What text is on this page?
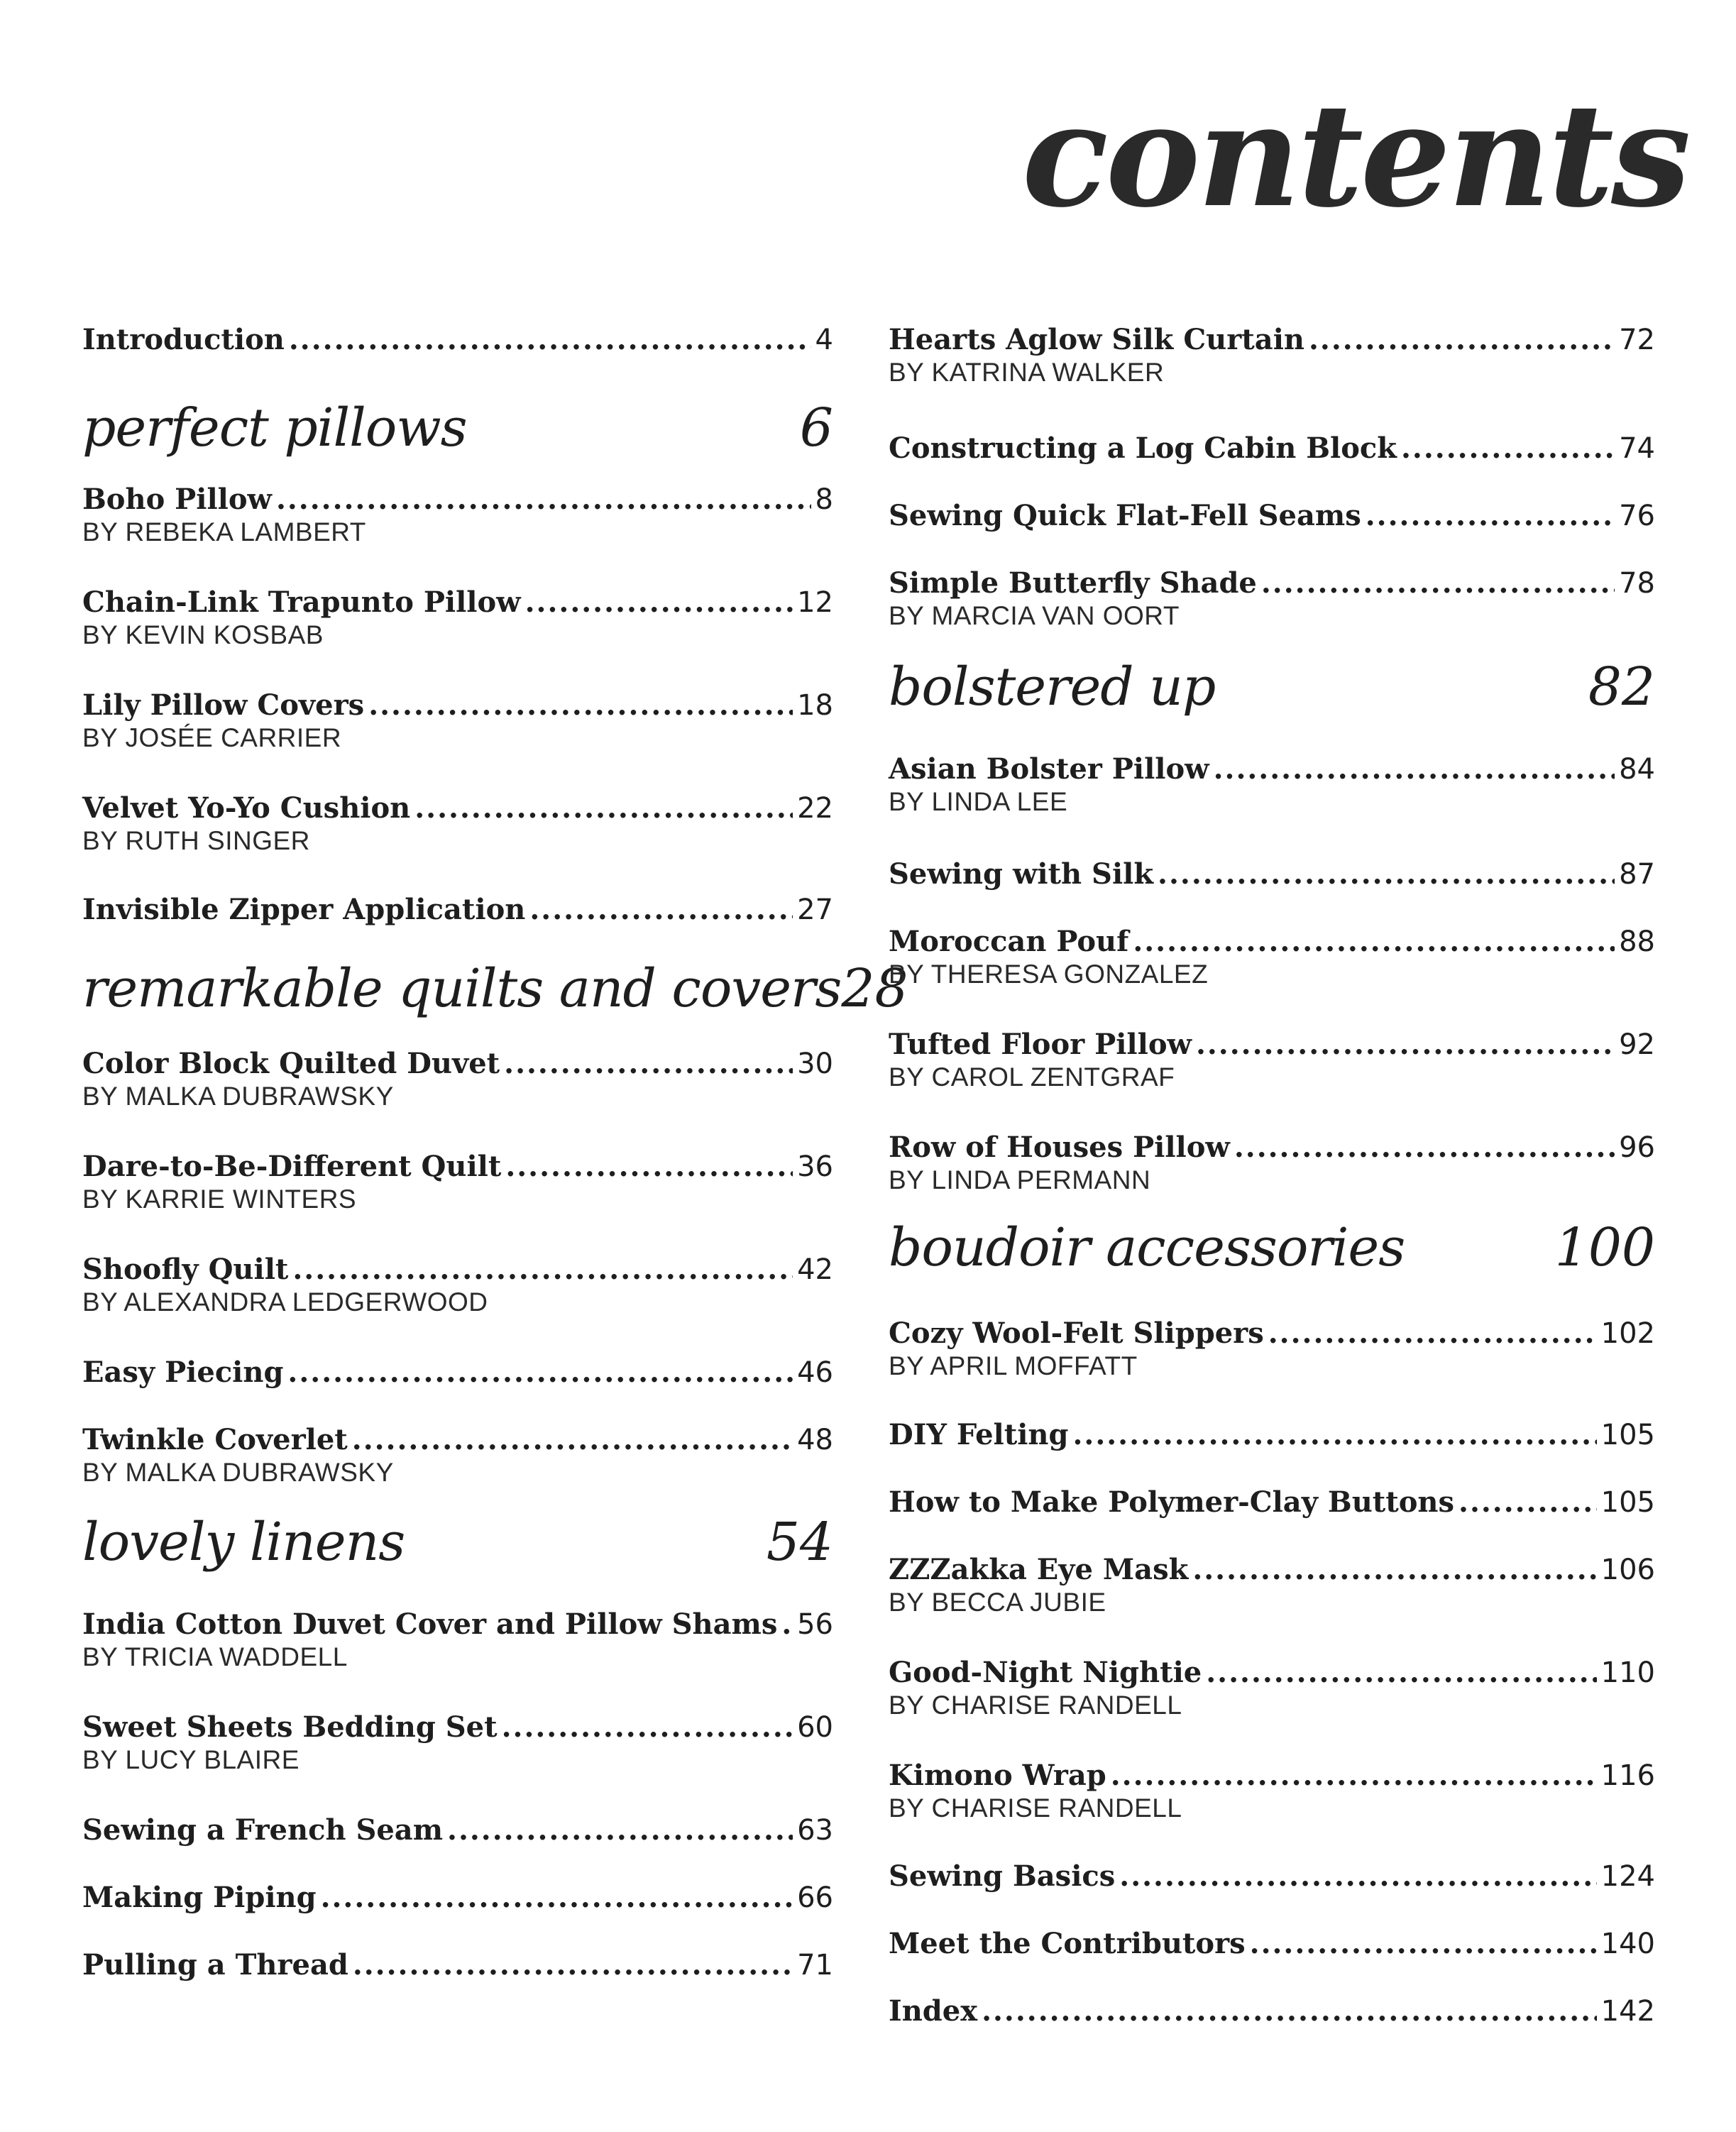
contents
Introduction .....	4
perfect pillows	6
Boho Pillow .....	8
BY REBEKA LAMBERT
Chain-Link Trapunto Pillow .....	12
BY KEVIN KOSBAB
Lily Pillow Covers .....	18
BY JOSÉE CARRIER
Velvet Yo-Yo Cushion .....	22
BY RUTH SINGER
Invisible Zipper Application .....	27
remarkable quilts and covers 28
Color Block Quilted Duvet .....	30
BY MALKA DUBRAWSKY
Dare-to-Be-Different Quilt .....	36
BY KARRIE WINTERS
Shoofly Quilt .....	42
BY ALEXANDRA LEDGERWOOD
Easy Piecing .....	46
Twinkle Coverlet .....	48
BY MALKA DUBRAWSKY
lovely linens	54
India Cotton Duvet Cover and Pillow Shams ..... 56
BY TRICIA WADDELL
Sweet Sheets Bedding Set .....	60
BY LUCY BLAIRE
Sewing a French Seam .....	63
Making Piping .....	66
Pulling a Thread .....	71
Hearts Aglow Silk Curtain .....	72
BY KATRINA WALKER
Constructing a Log Cabin Block .....	74
Sewing Quick Flat-Fell Seams .....	76
Simple Butterfly Shade .....	78
BY MARCIA VAN OORT
bolstered up	82
Asian Bolster Pillow .....	84
BY LINDA LEE
Sewing with Silk .....	87
Moroccan Pouf .....	88
BY THERESA GONZALEZ
Tufted Floor Pillow .....	92
BY CAROL ZENTGRAF
Row of Houses Pillow .....	96
BY LINDA PERMANN
boudoir accessories	100
Cozy Wool-Felt Slippers .....	102
BY APRIL MOFFATT
DIY Felting .....	105
How to Make Polymer-Clay Buttons .....	105
ZZZakka Eye Mask .....	106
BY BECCA JUBIE
Good-Night Nightie .....	110
BY CHARISE RANDELL
Kimono Wrap .....	116
BY CHARISE RANDELL
Sewing Basics .....	124
Meet the Contributors .....	140
Index .....	142
